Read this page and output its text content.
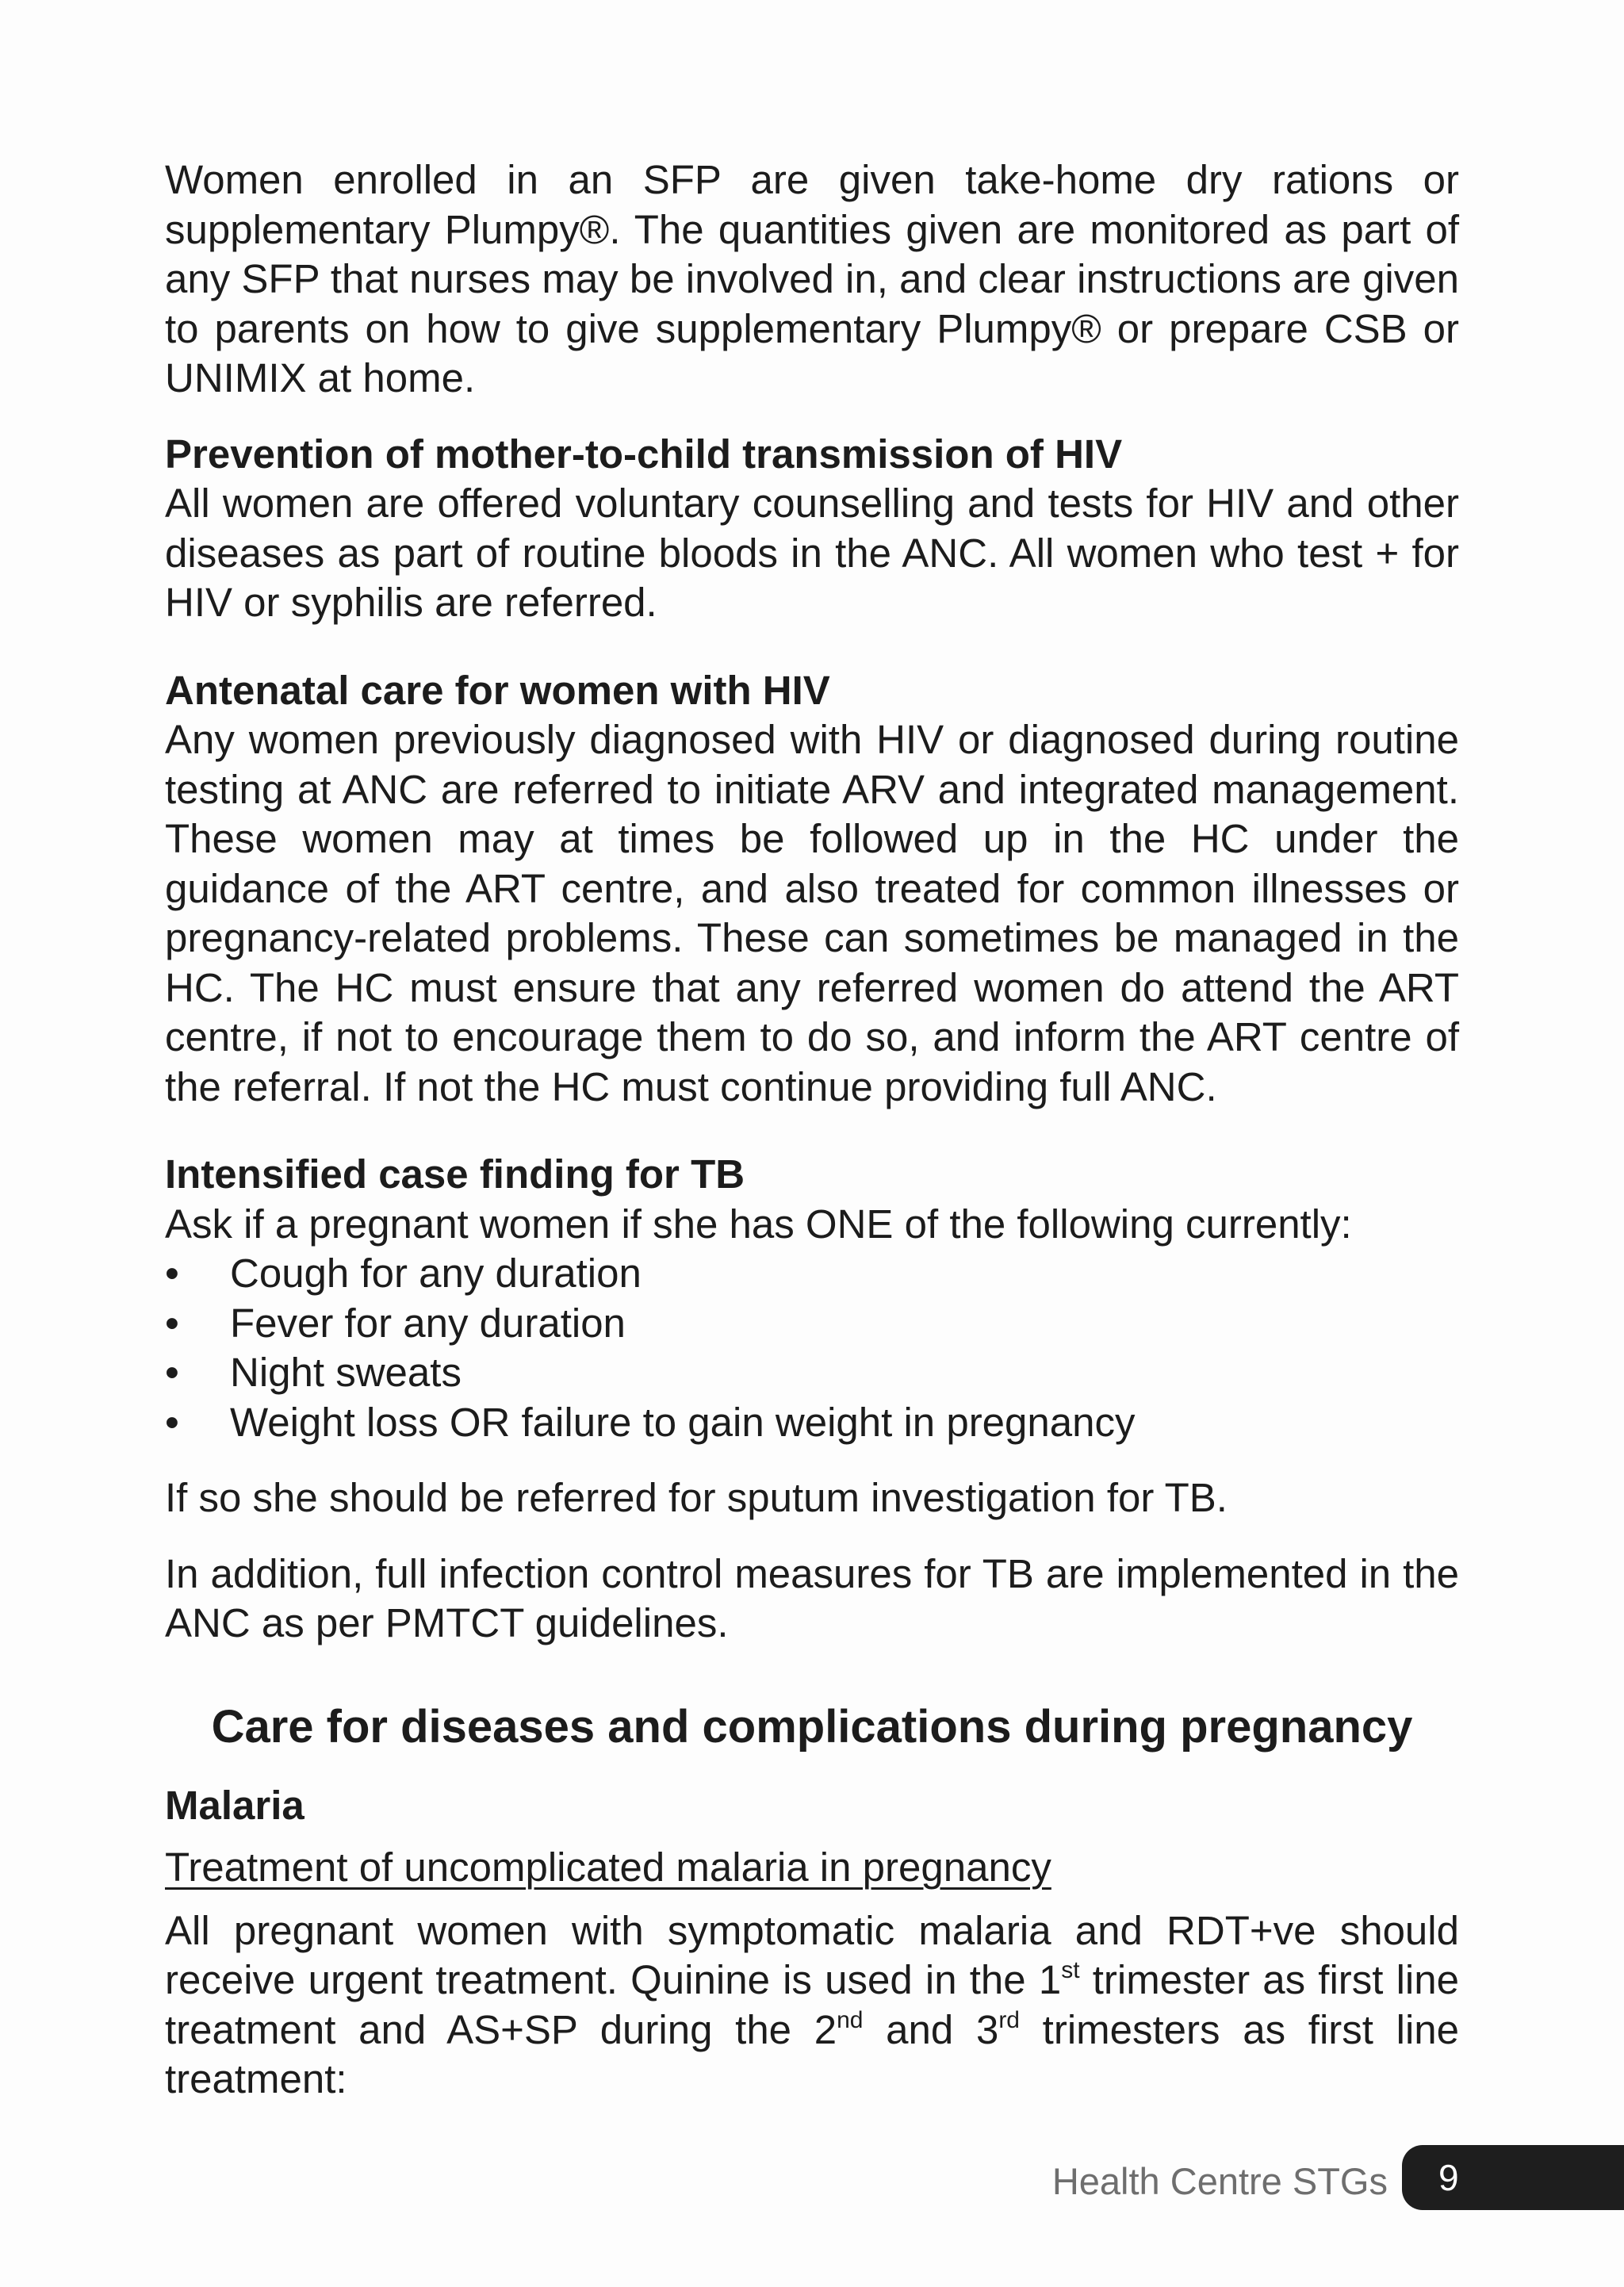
Women enrolled in an SFP are given take-home dry rations or supplementary Plumpy®. The quantities given are monitored as part of any SFP that nurses may be involved in, and clear instructions are given to parents on how to give supplementary Plumpy® or prepare CSB or UNIMIX at home.

Prevention of mother-to-child transmission of HIV

All women are offered voluntary counselling and tests for HIV and other diseases as part of routine bloods in the ANC. All women who test + for HIV or syphilis are referred.

Antenatal care for women with HIV

Any women previously diagnosed with HIV or diagnosed during routine testing at ANC are referred to initiate ARV and integrated management. These women may at times be followed up in the HC under the guidance of the ART centre, and also treated for common illnesses or pregnancy-related problems. These can sometimes be managed in the HC. The HC must ensure that any referred women do attend the ART centre, if not to encourage them to do so, and inform the ART centre of the referral. If not the HC must continue providing full ANC.

Intensified case finding for TB

Ask if a pregnant women if she has ONE of the following currently:

• Cough for any duration
• Fever for any duration
• Night sweats
• Weight loss OR failure to gain weight in pregnancy

If so she should be referred for sputum investigation for TB.

In addition, full infection control measures for TB are implemented in the ANC as per PMTCT guidelines.

Care for diseases and complications during pregnancy

Malaria

Treatment of uncomplicated malaria in pregnancy

All pregnant women with symptomatic malaria and RDT+ve should receive urgent treatment. Quinine is used in the 1st trimester as first line treatment and AS+SP during the 2nd and 3rd trimesters as first line treatment:

Health Centre STGs	9
